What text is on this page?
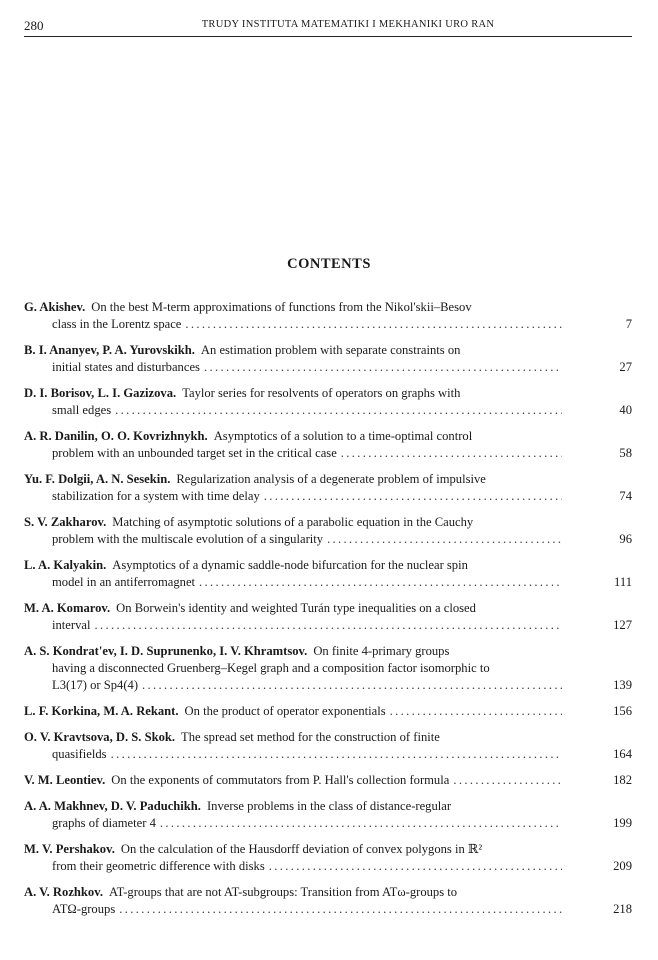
280	TRUDY INSTITUTA MATEMATIKI I MEKHANIKI URO RAN
CONTENTS
G. Akishev. On the best M-term approximations of functions from the Nikol'skii–Besov
class in the Lorentz space . . .	7
B. I. Ananyev, P. A. Yurovskikh. An estimation problem with separate constraints on
initial states and disturbances . . .	27
D. I. Borisov, L. I. Gazizova. Taylor series for resolvents of operators on graphs with
small edges . . .	40
A. R. Danilin, O. O. Kovrizhnykh. Asymptotics of a solution to a time-optimal control
problem with an unbounded target set in the critical case . . .	58
Yu. F. Dolgii, A. N. Sesekin. Regularization analysis of a degenerate problem of impulsive
stabilization for a system with time delay . . .	74
S. V. Zakharov. Matching of asymptotic solutions of a parabolic equation in the Cauchy
problem with the multiscale evolution of a singularity . . .	96
L. A. Kalyakin. Asymptotics of a dynamic saddle-node bifurcation for the nuclear spin
model in an antiferromagnet . . .	111
M. A. Komarov. On Borwein's identity and weighted Turán type inequalities on a closed
interval . . .	127
A. S. Kondrat'ev, I. D. Suprunenko, I. V. Khramtsov. On finite 4-primary groups
having a disconnected Gruenberg–Kegel graph and a composition factor isomorphic to
L3(17) or Sp4(4) . . .	139
L. F. Korkina, M. A. Rekant. On the product of operator exponentials . . .	156
O. V. Kravtsova, D. S. Skok. The spread set method for the construction of finite
quasifields . . .	164
V. M. Leontiev. On the exponents of commutators from P. Hall's collection formula . . .	182
A. A. Makhnev, D. V. Paduchikh. Inverse problems in the class of distance-regular
graphs of diameter 4 . . .	199
M. V. Pershakov. On the calculation of the Hausdorff deviation of convex polygons in ℝ²
from their geometric difference with disks . . .	209
A. V. Rozhkov. AT-groups that are not AT-subgroups: Transition from ATω-groups to
ATΩ-groups . . .	218
